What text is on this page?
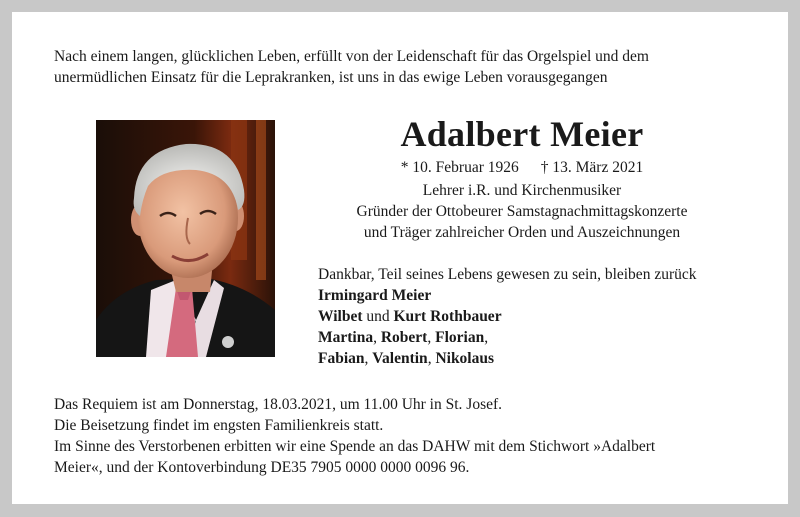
Nach einem langen, glücklichen Leben, erfüllt von der Leidenschaft für das Orgelspiel und dem
unermüdlichen Einsatz für die Leprakranken, ist uns in das ewige Leben vorausgegangen
Adalbert Meier
* 10. Februar 1926 † 13. März 2021
Lehrer i.R. und Kirchenmusiker
Gründer der Ottobeurer Samstagnachmittagskonzerte
und Träger zahlreicher Orden und Auszeichnungen
Dankbar, Teil seines Lebens gewesen zu sein, bleiben zurück
Irmingard Meier
Wilbet und Kurt Rothbauer
Martina, Robert, Florian,
Fabian, Valentin, Nikolaus
Das Requiem ist am Donnerstag, 18.03.2021, um 11.00 Uhr in St. Josef.
Die Beisetzung findet im engsten Familienkreis statt.
Im Sinne des Verstorbenen erbitten wir eine Spende an das DAHW mit dem Stichwort »Adalbert
Meier«, und der Kontoverbindung DE35 7905 0000 0000 0096 96.
